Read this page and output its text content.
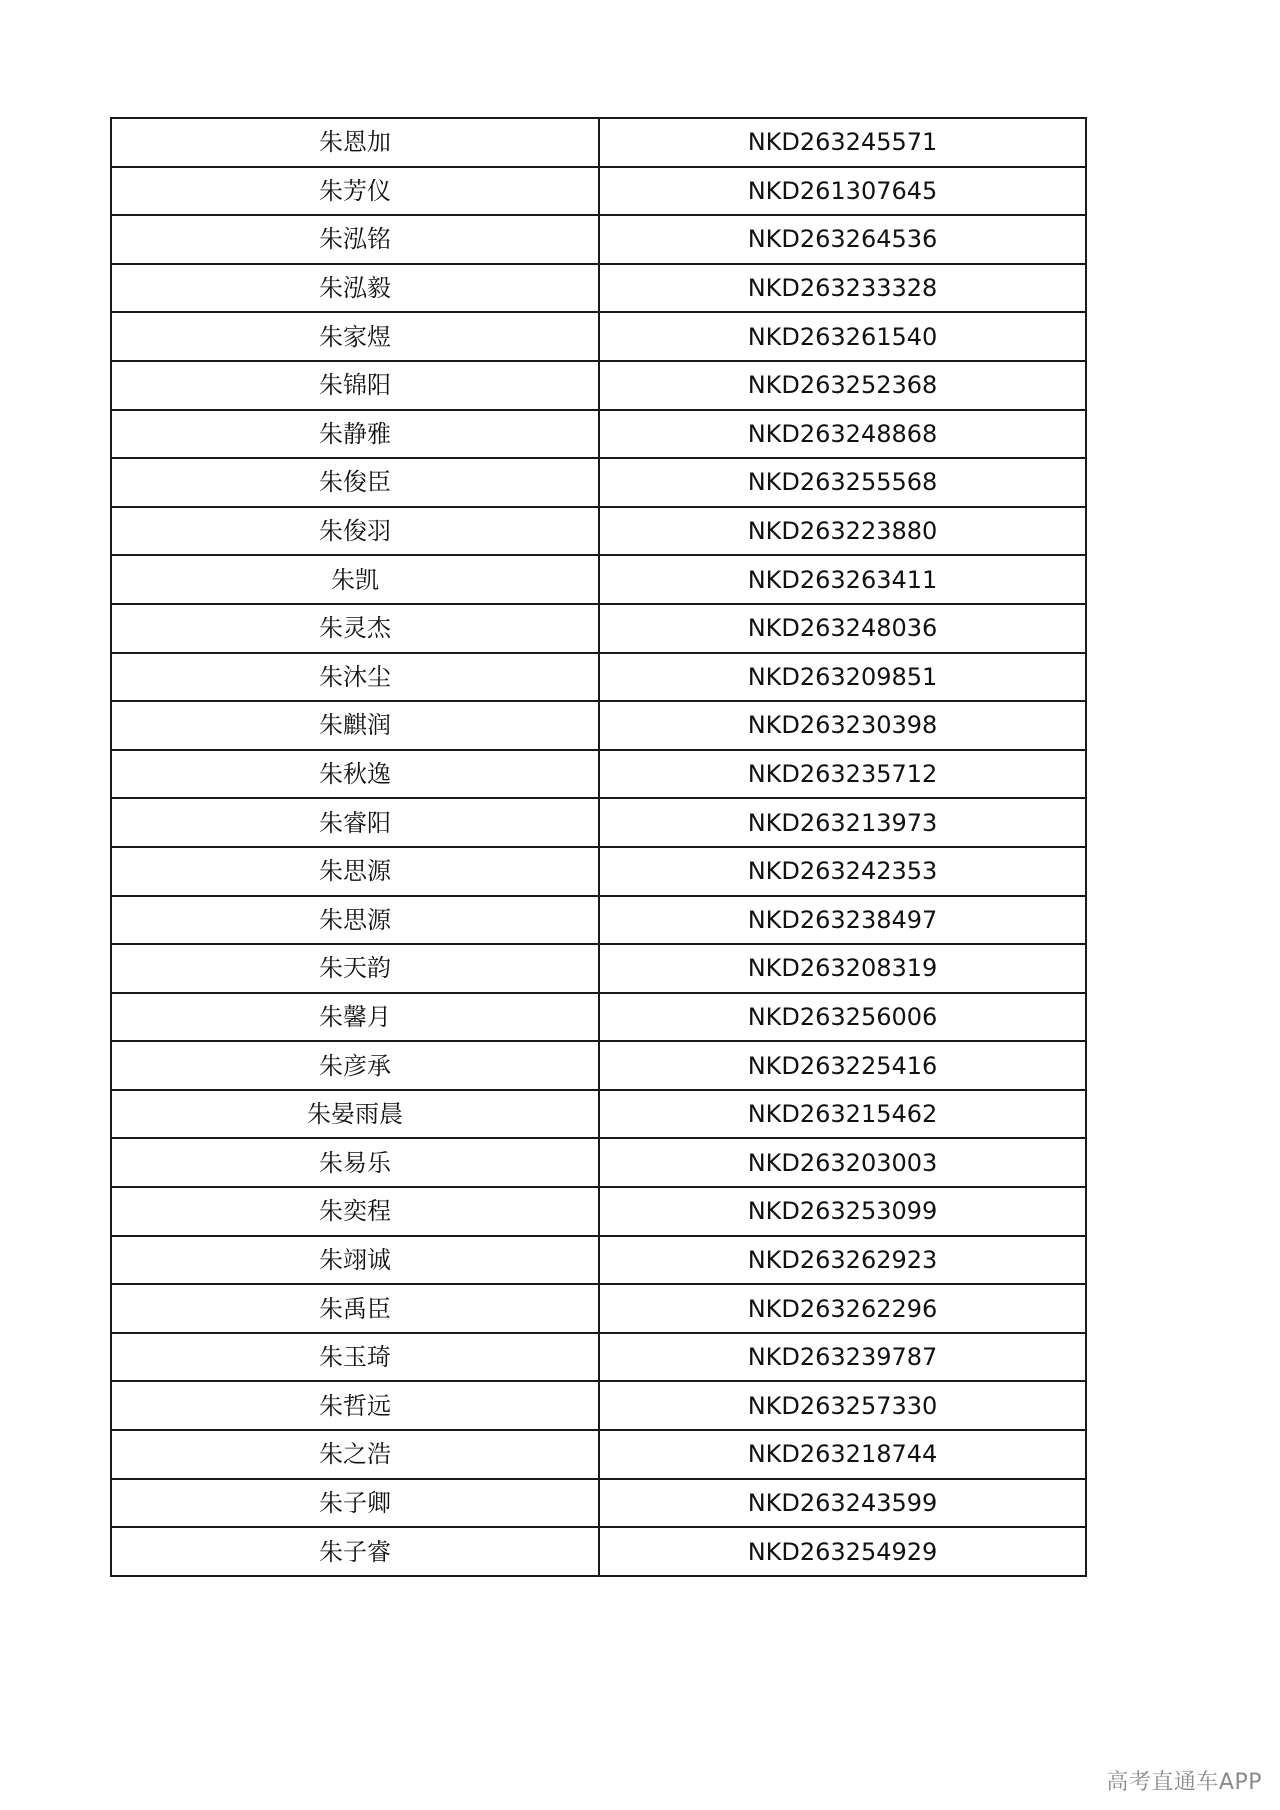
朱恩加	NKD263245571
朱芳仪	NKD261307645
朱泓铭	NKD263264536
朱泓毅	NKD263233328
朱家煜	NKD263261540
朱锦阳	NKD263252368
朱静雅	NKD263248868
朱俊臣	NKD263255568
朱俊羽	NKD263223880
朱凯	NKD263263411
朱灵杰	NKD263248036
朱沐尘	NKD263209851
朱麒润	NKD263230398
朱秋逸	NKD263235712
朱睿阳	NKD263213973
朱思源	NKD263242353
朱思源	NKD263238497
朱天韵	NKD263208319
朱馨月	NKD263256006
朱彦承	NKD263225416
朱晏雨晨	NKD263215462
朱易乐	NKD263203003
朱奕程	NKD263253099
朱翊诚	NKD263262923
朱禹臣	NKD263262296
朱玉琦	NKD263239787
朱哲远	NKD263257330
朱之浩	NKD263218744
朱子卿	NKD263243599
朱子睿	NKD263254929
高考直通车APP
